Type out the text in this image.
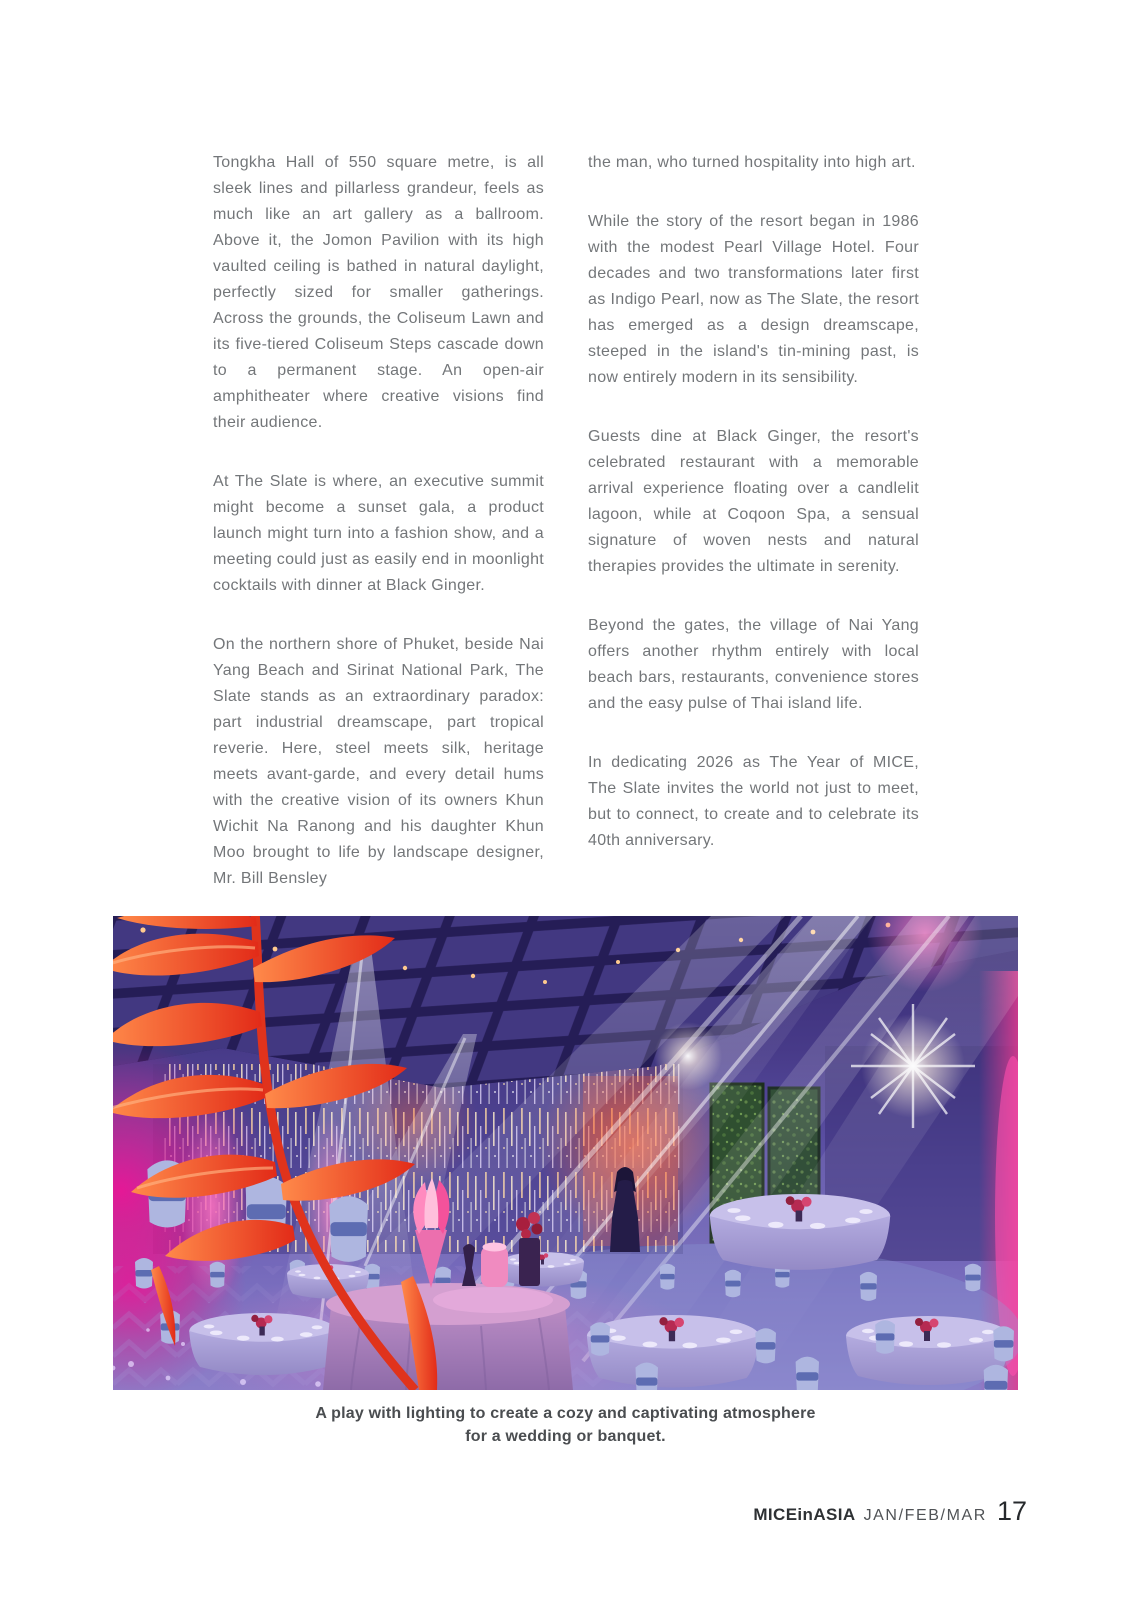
Tongkha Hall of 550 square metre, is all sleek lines and pillarless grandeur, feels as much like an art gallery as a ballroom. Above it, the Jomon Pavilion with its high vaulted ceiling is bathed in natural daylight, perfectly sized for smaller gatherings. Across the grounds, the Coliseum Lawn and its five-tiered Coliseum Steps cascade down to a permanent stage. An open-air amphitheater where creative visions find their audience.

At The Slate is where, an executive summit might become a sunset gala, a product launch might turn into a fashion show, and a meeting could just as easily end in moonlight cocktails with dinner at Black Ginger.

On the northern shore of Phuket, beside Nai Yang Beach and Sirinat National Park, The Slate stands as an extraordinary paradox: part industrial dreamscape, part tropical reverie. Here, steel meets silk, heritage meets avant-garde, and every detail hums with the creative vision of its owners Khun Wichit Na Ranong and his daughter Khun Moo brought to life by landscape designer, Mr. Bill Bensley

the man, who turned hospitality into high art.

While the story of the resort began in 1986 with the modest Pearl Village Hotel. Four decades and two transformations later first as Indigo Pearl, now as The Slate, the resort has emerged as a design dreamscape, steeped in the island's tin-mining past, is now entirely modern in its sensibility.

Guests dine at Black Ginger, the resort's celebrated restaurant with a memorable arrival experience floating over a candlelit lagoon, while at Coqoon Spa, a sensual signature of woven nests and natural therapies provides the ultimate in serenity.

Beyond the gates, the village of Nai Yang offers another rhythm entirely with local beach bars, restaurants, convenience stores and the easy pulse of Thai island life.

In dedicating 2026 as The Year of MICE, The Slate invites the world not just to meet, but to connect, to create and to celebrate its 40th anniversary.

A play with lighting to create a cozy and captivating atmosphere
for a wedding or banquet.
MICEinASIA JAN/FEB/MAR 17
